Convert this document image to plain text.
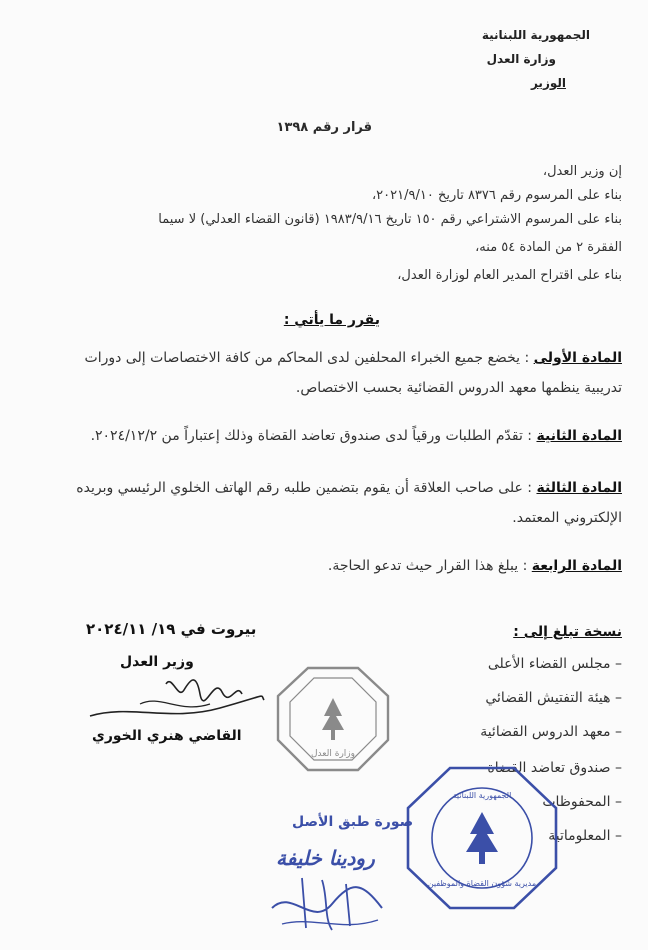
الجمهورية اللبنانية
وزارة العدل
الوزير
قرار رقم ١٣٩٨
إن وزير العدل،
بناء على المرسوم رقم ٨٣٧٦ تاريخ ٢٠٢١/٩/١٠،
بناء على المرسوم الاشتراعي رقم ١٥٠ تاريخ ١٩٨٣/٩/١٦ (قانون القضاء العدلي) لا سيما
الفقرة ٢ من المادة ٥٤ منه،
بناء على اقتراح المدير العام لوزارة العدل،
يقرر ما يأتي :
المادة الأولى : يخضع جميع الخبراء المحلفين لدى المحاكم من كافة الاختصاصات إلى دورات
تدريبية ينظمها معهد الدروس القضائية بحسب الاختصاص.
المادة الثانية : تقدّم الطلبات ورقياً لدى صندوق تعاضد القضاة وذلك إعتباراً من ٢٠٢٤/١٢/٢.
المادة الثالثة : على صاحب العلاقة أن يقوم بتضمين طلبه رقم الهاتف الخلوي الرئيسي وبريده
الإلكتروني المعتمد.
المادة الرابعة : يبلغ هذا القرار حيث تدعو الحاجة.
نسخة تبلغ إلى :
– مجلس القضاء الأعلى
– هيئة التفتيش القضائي
– معهد الدروس القضائية
– صندوق تعاضد القضاة
– المحفوظات
– المعلوماتية
بيروت في ١٩/ ٢٠٢٤/١١
وزير العدل
القاضي هنري الخوري
وزارة العدل
الجمهورية اللبنانية
مديرية شؤون القضاة والموظفين
صورة طبق الأصل
رودينا خليفة
